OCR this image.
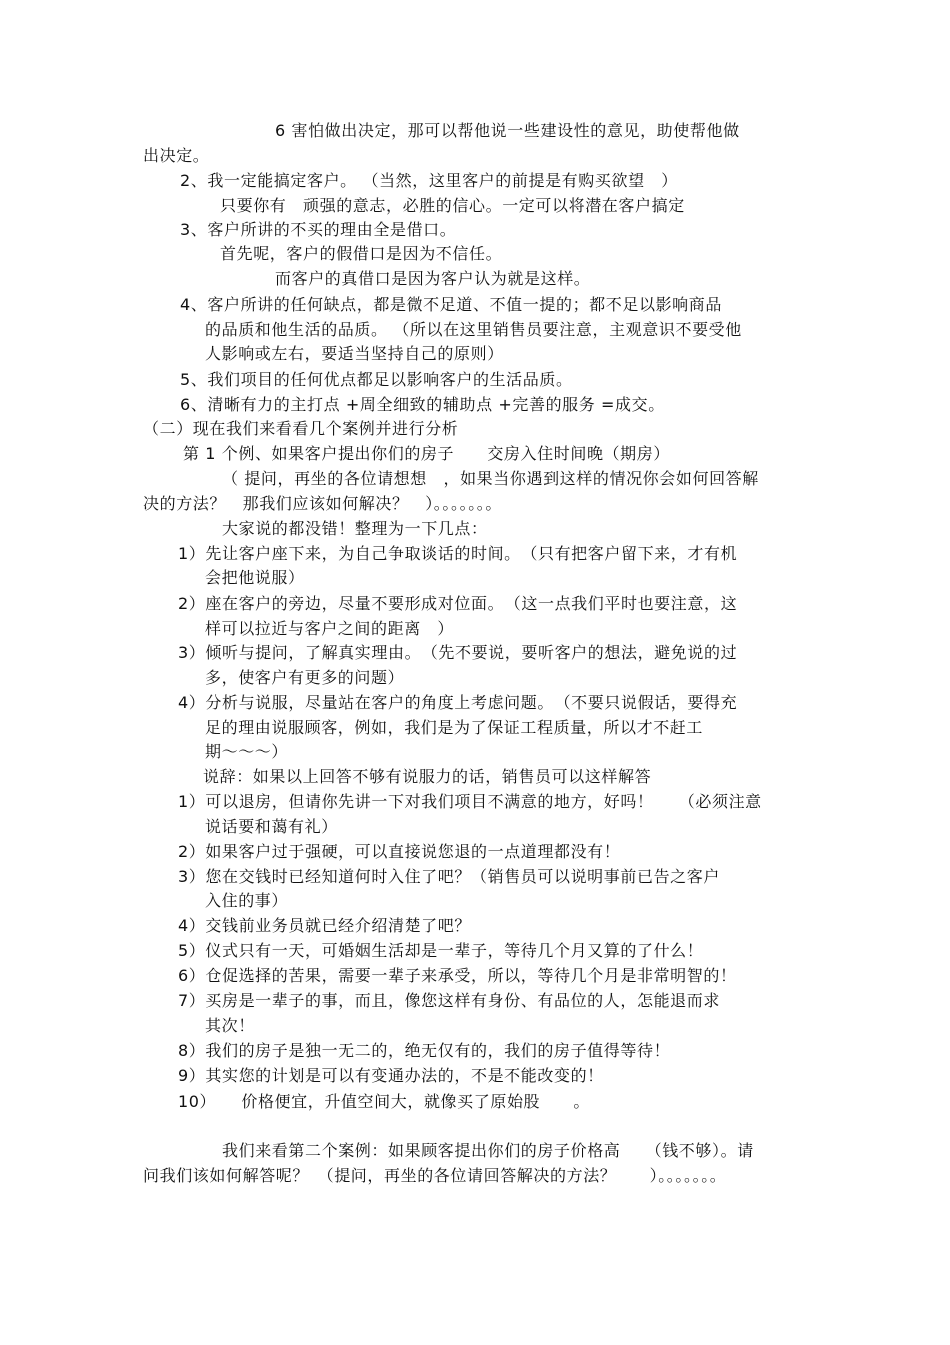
6 害怕做出决定，那可以帮他说一些建设性的意见，助使帮他做
出决定。
2、我一定能搞定客户。 （当然，这里客户的前提是有购买欲望　）
只要你有　顽强的意志，必胜的信心。一定可以将潜在客户搞定
3、客户所讲的不买的理由全是借口。
首先呢，客户的假借口是因为不信任。
而客户的真借口是因为客户认为就是这样。
4、客户所讲的任何缺点，都是微不足道、不值一提的；都不足以影响商品
的品质和他生活的品质。 （所以在这里销售员要注意，主观意识不要受他
人影响或左右，要适当坚持自己的原则）
5、我们项目的任何优点都足以影响客户的生活品质。
6、清晰有力的主打点 +周全细致的辅助点 +完善的服务 =成交。
（二）现在我们来看看几个案例并进行分析
第 1 个例、如果客户提出你们的房子　　交房入住时间晚（期房）
（ 提问，再坐的各位请想想　，如果当你遇到这样的情况你会如何回答解
决的方法？　那我们应该如何解决？　）。。。。。。。
大家说的都没错！整理为一下几点：
1）先让客户座下来，为自己争取谈话的时间。　（只有把客户留下来，才有机
会把他说服）
2）座在客户的旁边，尽量不要形成对位面。　（这一点我们平时也要注意，这
样可以拉近与客户之间的距离　）
3）倾听与提问，了解真实理由。　（先不要说，要听客户的想法，避免说的过
多，使客户有更多的问题）
4）分析与说服，尽量站在客户的角度上考虑问题。　（不要只说假话，要得充
足的理由说服顾客，例如，我们是为了保证工程质量，所以才不赶工
期～～～）
说辞：如果以上回答不够有说服力的话，销售员可以这样解答
1）可以退房，但请你先讲一下对我们项目不满意的地方，好吗！　　（必须注意
说话要和蔼有礼）
2）如果客户过于强硬，可以直接说您退的一点道理都没有！
3）您在交钱时已经知道何时入住了吧？（销售员可以说明事前已告之客户
入住的事）
4）交钱前业务员就已经介绍清楚了吧？
5）仪式只有一天，可婚姻生活却是一辈子，等待几个月又算的了什么！
6）仓促选择的苦果，需要一辈子来承受，所以，等待几个月是非常明智的！
7）买房是一辈子的事，而且，像您这样有身份、有品位的人，怎能退而求
其次！
8）我们的房子是独一无二的，绝无仅有的，我们的房子值得等待！
9）其实您的计划是可以有变通办法的，不是不能改变的！
10）　　价格便宜，升值空间大，就像买了原始股　　。
我们来看第二个案例：如果顾客提出你们的房子价格高　　（钱不够）。请
问我们该如何解答呢？　（提问，再坐的各位请回答解决的方法？　　）。。。。。。。
